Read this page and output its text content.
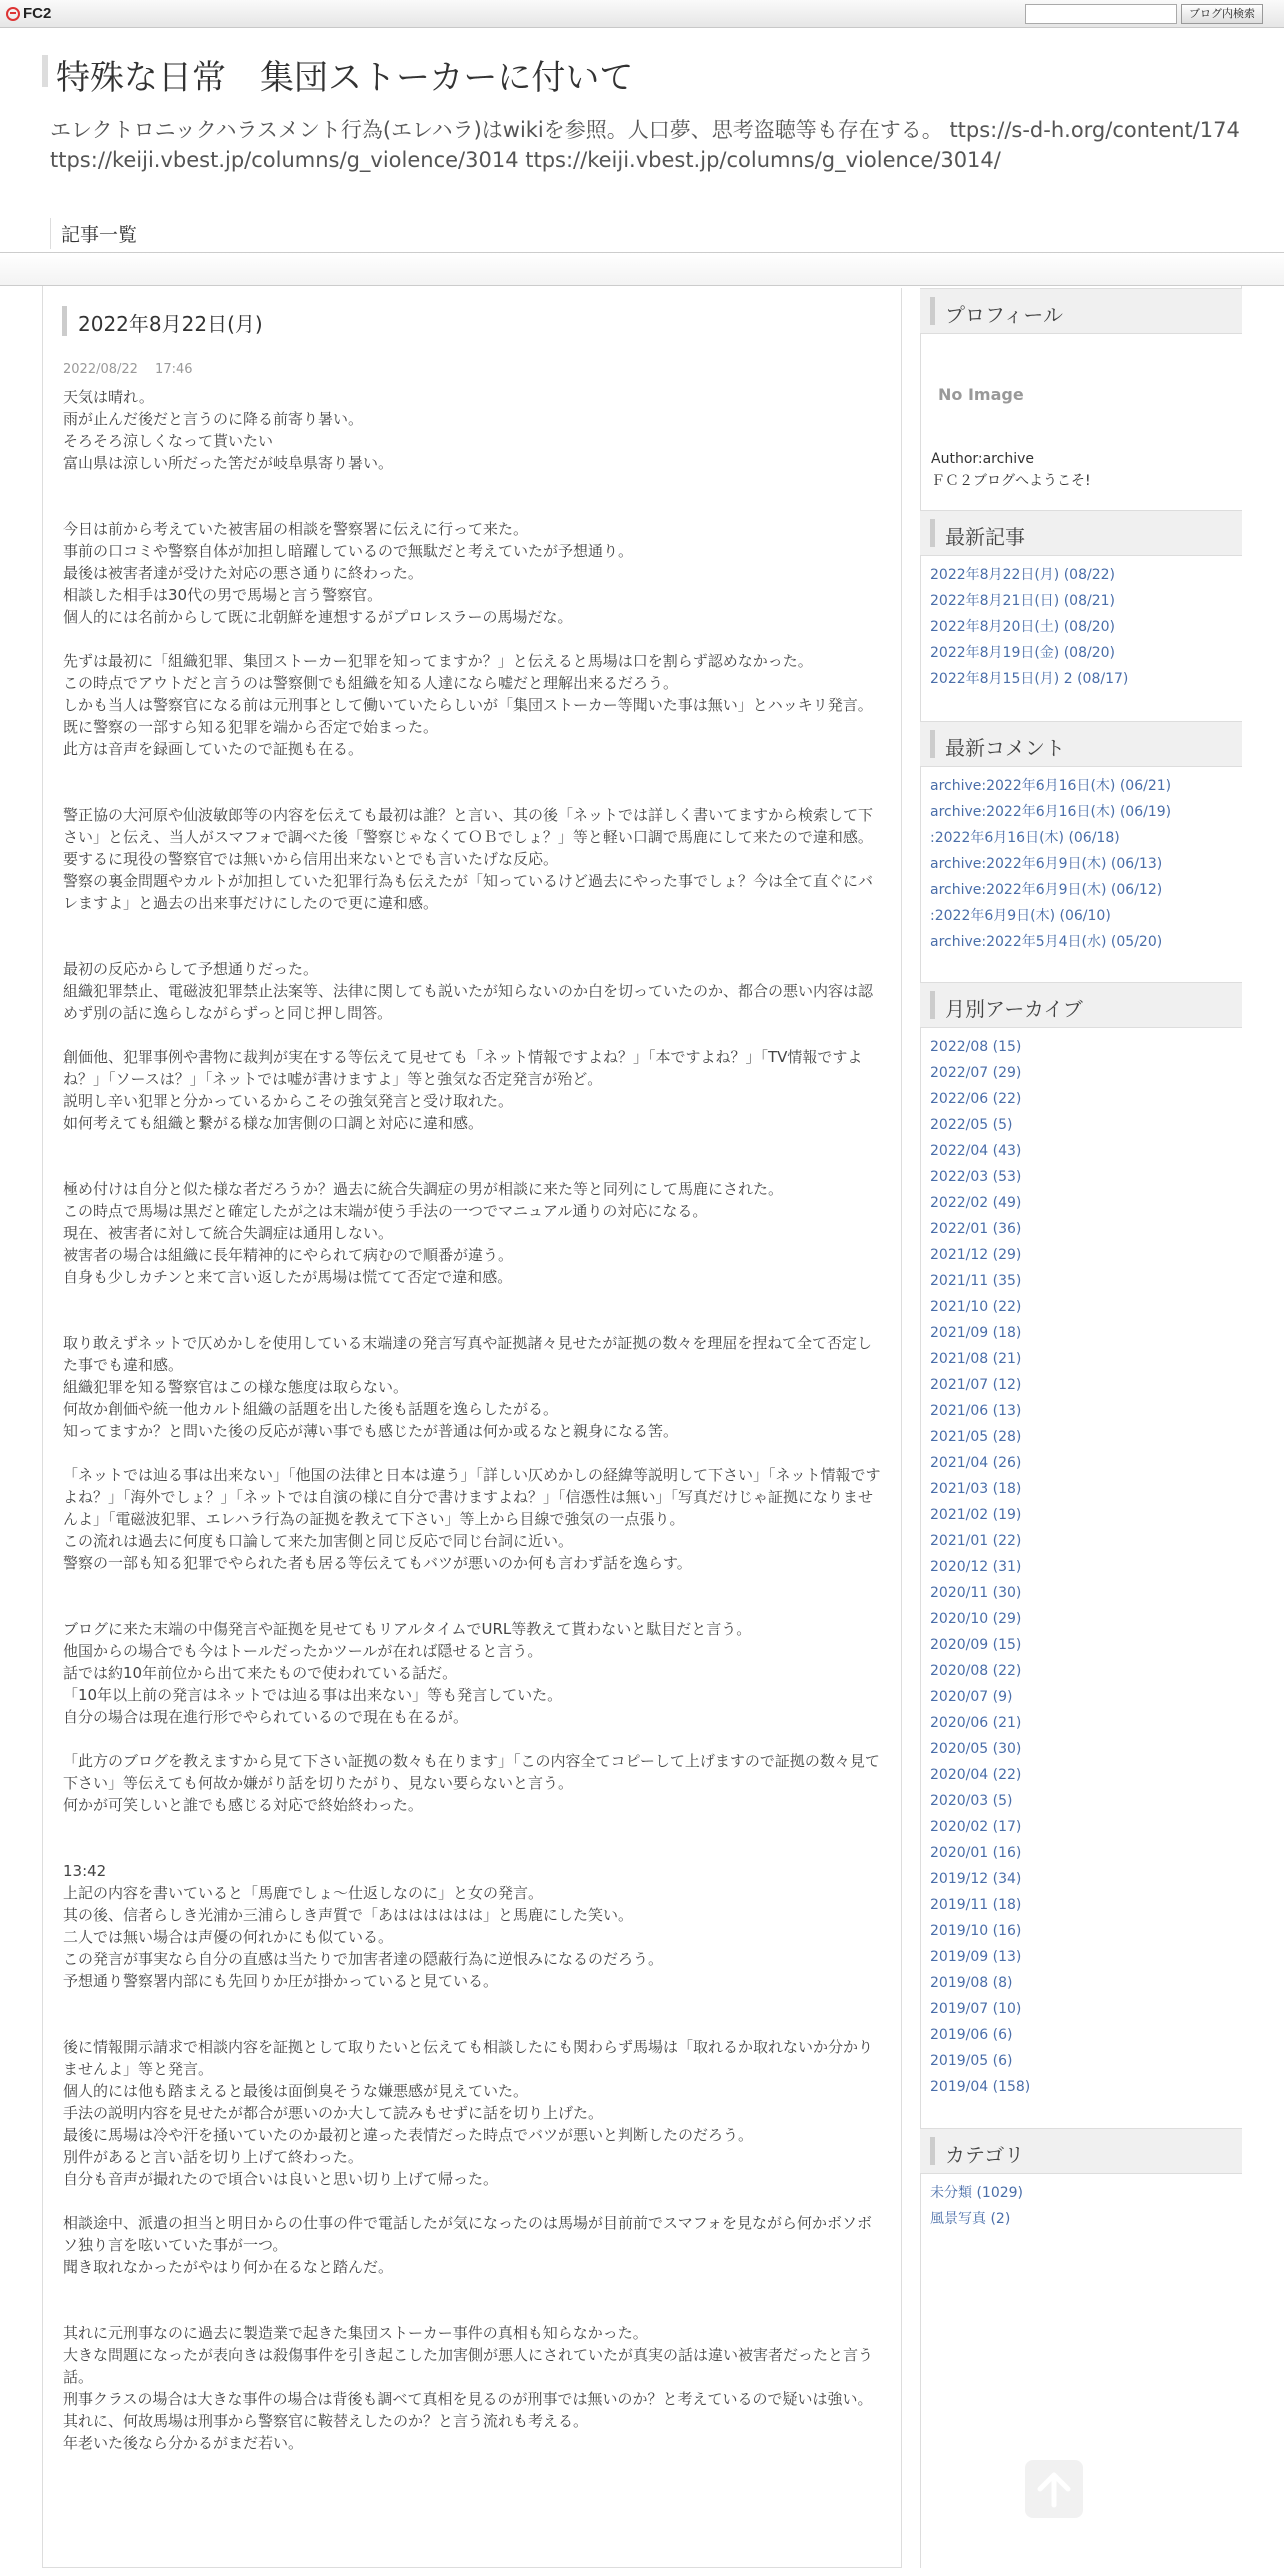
FC2	ブログ内検索
特殊な日常　集団ストーカーに付いて
エレクトロニックハラスメント行為(エレハラ)はwikiを参照。人口夢、思考盗聴等も存在する。 ttps://s-d-h.org/content/174
ttps://keiji.vbest.jp/columns/g_violence/3014 ttps://keiji.vbest.jp/columns/g_violence/3014/
記事一覧
2022年8月22日(月)
2022/08/22　 17:46

天気は晴れ。

雨が止んだ後だと言うのに降る前寄り暑い。

そろそろ涼しくなって貰いたい

富山県は涼しい所だった筈だが岐阜県寄り暑い。

今日は前から考えていた被害届の相談を警察署に伝えに行って来た。

事前の口コミや警察自体が加担し暗躍しているので無駄だと考えていたが予想通り。

最後は被害者達が受けた対応の悪さ通りに終わった。

相談した相手は30代の男で馬場と言う警察官。

個人的には名前からして既に北朝鮮を連想するがプロレスラーの馬場だな。

先ずは最初に「組織犯罪、集団ストーカー犯罪を知ってますか？」と伝えると馬場は口を割らず認めなかった。

この時点でアウトだと言うのは警察側でも組織を知る人達になら嘘だと理解出来るだろう。

しかも当人は警察官になる前は元刑事として働いていたらしいが「集団ストーカー等聞いた事は無い」とハッキリ発言。

既に警察の一部すら知る犯罪を端から否定で始まった。

此方は音声を録画していたので証拠も在る。

警正協の大河原や仙波敏郎等の内容を伝えても最初は誰？と言い、其の後「ネットでは詳しく書いてますから検索して下さい」と伝え、当人がスマフォで調べた後「警察じゃなくてＯＢでしょ？」等と軽い口調で馬鹿にして来たので違和感。

要するに現役の警察官では無いから信用出来ないとでも言いたげな反応。

警察の裏金問題やカルトが加担していた犯罪行為も伝えたが「知っているけど過去にやった事でしょ？今は全て直ぐにバレますよ」と過去の出来事だけにしたので更に違和感。

最初の反応からして予想通りだった。

組織犯罪禁止、電磁波犯罪禁止法案等、法律に関しても説いたが知らないのか白を切っていたのか、都合の悪い内容は認めず別の話に逸らしながらずっと同じ押し問答。

創価他、犯罪事例や書物に裁判が実在する等伝えて見せても「ネット情報ですよね？」「本ですよね？」「TV情報ですよね？」「ソースは？」「ネットでは嘘が書けますよ」等と強気な否定発言が殆ど。

説明し辛い犯罪と分かっているからこその強気発言と受け取れた。

如何考えても組織と繋がる様な加害側の口調と対応に違和感。

極め付けは自分と似た様な者だろうか？過去に統合失調症の男が相談に来た等と同列にして馬鹿にされた。

この時点で馬場は黒だと確定したが之は末端が使う手法の一つでマニュアル通りの対応になる。

現在、被害者に対して統合失調症は通用しない。

被害者の場合は組織に長年精神的にやられて病むので順番が違う。

自身も少しカチンと来て言い返したが馬場は慌てて否定で違和感。

取り敢えずネットで仄めかしを使用している末端達の発言写真や証拠諸々見せたが証拠の数々を理屈を捏ねて全て否定した事でも違和感。

組織犯罪を知る警察官はこの様な態度は取らない。

何故か創価や統一他カルト組織の話題を出した後も話題を逸らしたがる。

知ってますか？と問いた後の反応が薄い事でも感じたが普通は何か或るなと親身になる筈。

「ネットでは辿る事は出来ない」「他国の法律と日本は違う」「詳しい仄めかしの経緯等説明して下さい」「ネット情報ですよね？」「海外でしょ？」「ネットでは自演の様に自分で書けますよね？」「信憑性は無い」「写真だけじゃ証拠になりませんよ」「電磁波犯罪、エレハラ行為の証拠を教えて下さい」等上から目線で強気の一点張り。

この流れは過去に何度も口論して来た加害側と同じ反応で同じ台詞に近い。

警察の一部も知る犯罪でやられた者も居る等伝えてもバツが悪いのか何も言わず話を逸らす。

ブログに来た末端の中傷発言や証拠を見せてもリアルタイムでURL等教えて貰わないと駄目だと言う。

他国からの場合でも今はトールだったかツールが在れば隠せると言う。

話では約10年前位から出て来たもので使われている話だ。

「10年以上前の発言はネットでは辿る事は出来ない」等も発言していた。

自分の場合は現在進行形でやられているので現在も在るが。

「此方のブログを教えますから見て下さい証拠の数々も在ります」「この内容全てコピーして上げますので証拠の数々見て下さい」等伝えても何故か嫌がり話を切りたがり、見ない要らないと言う。

何かが可笑しいと誰でも感じる対応で終始終わった。

13:42

上記の内容を書いていると「馬鹿でしょ～仕返しなのに」と女の発言。

其の後、信者らしき光浦か三浦らしき声質で「あはははははは」と馬鹿にした笑い。

二人では無い場合は声優の何れかにも似ている。

この発言が事実なら自分の直感は当たりで加害者達の隠蔽行為に逆恨みになるのだろう。

予想通り警察署内部にも先回りか圧が掛かっていると見ている。

後に情報開示請求で相談内容を証拠として取りたいと伝えても相談したにも関わらず馬場は「取れるか取れないか分かりませんよ」等と発言。

個人的には他も踏まえると最後は面倒臭そうな嫌悪感が見えていた。

手法の説明内容を見せたが都合が悪いのか大して読みもせずに話を切り上げた。

最後に馬場は冷や汗を掻いていたのか最初と違った表情だった時点でバツが悪いと判断したのだろう。

別件があると言い話を切り上げて終わった。

自分も音声が撮れたので頃合いは良いと思い切り上げて帰った。

相談途中、派遣の担当と明日からの仕事の件で電話したが気になったのは馬場が目前前でスマフォを見ながら何かボソボソ独り言を呟いていた事が一つ。

聞き取れなかったがやはり何か在るなと踏んだ。

其れに元刑事なのに過去に製造業で起きた集団ストーカー事件の真相も知らなかった。

大きな問題になったが表向きは殺傷事件を引き起こした加害側が悪人にされていたが真実の話は違い被害者だったと言う話。

刑事クラスの場合は大きな事件の場合は背後も調べて真相を見るのが刑事では無いのか？と考えているので疑いは強い。

其れに、何故馬場は刑事から警察官に鞍替えしたのか？と言う流れも考える。

年老いた後なら分かるがまだ若い。

プロフィール
No Image
Author:archive
ＦＣ２ブログへようこそ!
最新記事
2022年8月22日(月) (08/22)
2022年8月21日(日) (08/21)
2022年8月20日(土) (08/20)
2022年8月19日(金) (08/20)
2022年8月15日(月) 2 (08/17)
最新コメント
archive:2022年6月16日(木) (06/21)
archive:2022年6月16日(木) (06/19)
:2022年6月16日(木) (06/18)
archive:2022年6月9日(木) (06/13)
archive:2022年6月9日(木) (06/12)
:2022年6月9日(木) (06/10)
archive:2022年5月4日(水) (05/20)
月別アーカイブ
2022/08 (15)
2022/07 (29)
2022/06 (22)
2022/05 (5)
2022/04 (43)
2022/03 (53)
2022/02 (49)
2022/01 (36)
2021/12 (29)
2021/11 (35)
2021/10 (22)
2021/09 (18)
2021/08 (21)
2021/07 (12)
2021/06 (13)
2021/05 (28)
2021/04 (26)
2021/03 (18)
2021/02 (19)
2021/01 (22)
2020/12 (31)
2020/11 (30)
2020/10 (29)
2020/09 (15)
2020/08 (22)
2020/07 (9)
2020/06 (21)
2020/05 (30)
2020/04 (22)
2020/03 (5)
2020/02 (17)
2020/01 (16)
2019/12 (34)
2019/11 (18)
2019/10 (16)
2019/09 (13)
2019/08 (8)
2019/07 (10)
2019/06 (6)
2019/05 (6)
2019/04 (158)
カテゴリ
未分類 (1029)
風景写真 (2)
